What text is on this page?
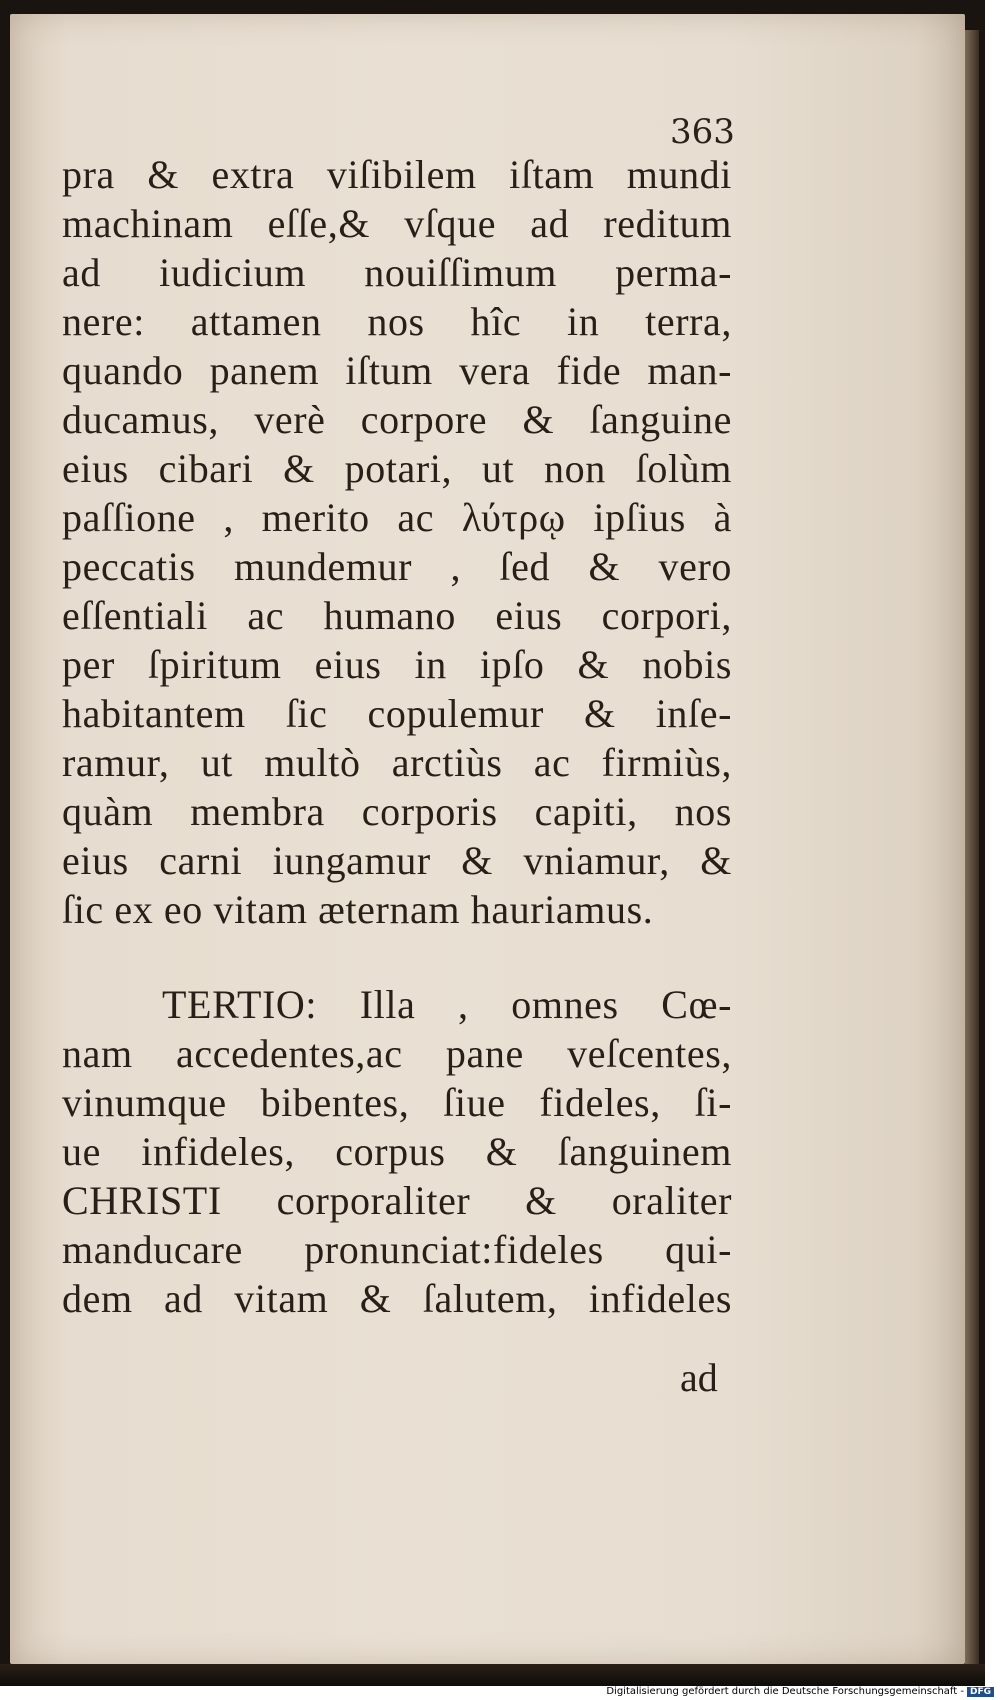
363
pra & extra viſibilem iſtam mundi
machinam eſſe,& vſque ad reditum
ad iudicium nouiſſimum perma-
nere: attamen nos hîc in terra,
quando panem iſtum vera fide man-
ducamus, verè corpore & ſanguine
eius cibari & potari, ut non ſolùm
paſſione , merito ac λύτρῳ ipſius à
peccatis mundemur , ſed & vero
eſſentiali ac humano eius corpori,
per ſpiritum eius in ipſo & nobis
habitantem ſic copulemur & inſe-
ramur, ut multò arctiùs ac firmiùs,
quàm membra corporis capiti, nos
eius carni iungamur & vniamur, &
ſic ex eo vitam æternam hauriamus.
TERTIO: Illa , omnes Cœ-
nam accedentes,ac pane veſcentes,
vinumque bibentes, ſiue fideles, ſi-
ue infideles, corpus & ſanguinem
CHRISTI corporaliter & oraliter
manducare pronunciat:fideles qui-
dem ad vitam & ſalutem, infideles
ad
Digitalisierung gefördert durch die Deutsche Forschungsgemeinschaft - DFG
